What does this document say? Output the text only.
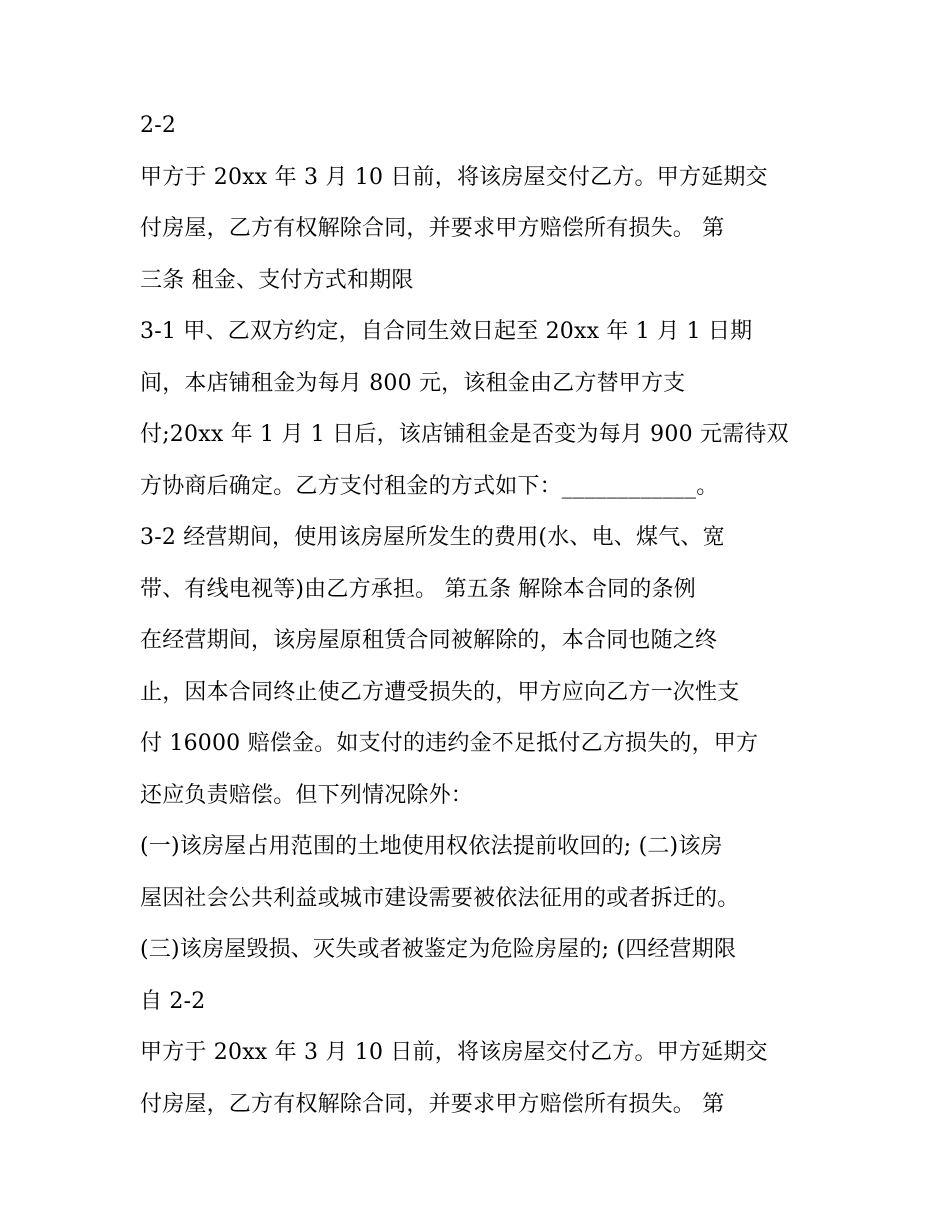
2-2
甲方于 20xx 年 3 月 10 日前，将该房屋交付乙方。甲方延期交
付房屋，乙方有权解除合同，并要求甲方赔偿所有损失。 第
三条 租金、支付方式和期限
3-1 甲、乙双方约定，自合同生效日起至 20xx 年 1 月 1 日期
间，本店铺租金为每月 800 元，该租金由乙方替甲方支
付;20xx 年 1 月 1 日后，该店铺租金是否变为每月 900 元需待双
方协商后确定。乙方支付租金的方式如下：____________。
3-2 经营期间，使用该房屋所发生的费用(水、电、煤气、宽
带、有线电视等)由乙方承担。 第五条 解除本合同的条例
在经营期间，该房屋原租赁合同被解除的，本合同也随之终
止，因本合同终止使乙方遭受损失的，甲方应向乙方一次性支
付 16000 赔偿金。如支付的违约金不足抵付乙方损失的，甲方
还应负责赔偿。但下列情况除外：
(一)该房屋占用范围的土地使用权依法提前收回的; (二)该房
屋因社会公共利益或城市建设需要被依法征用的或者拆迁的。
(三)该房屋毁损、灭失或者被鉴定为危险房屋的; (四经营期限
自 2-2
甲方于 20xx 年 3 月 10 日前，将该房屋交付乙方。甲方延期交
付房屋，乙方有权解除合同，并要求甲方赔偿所有损失。 第
